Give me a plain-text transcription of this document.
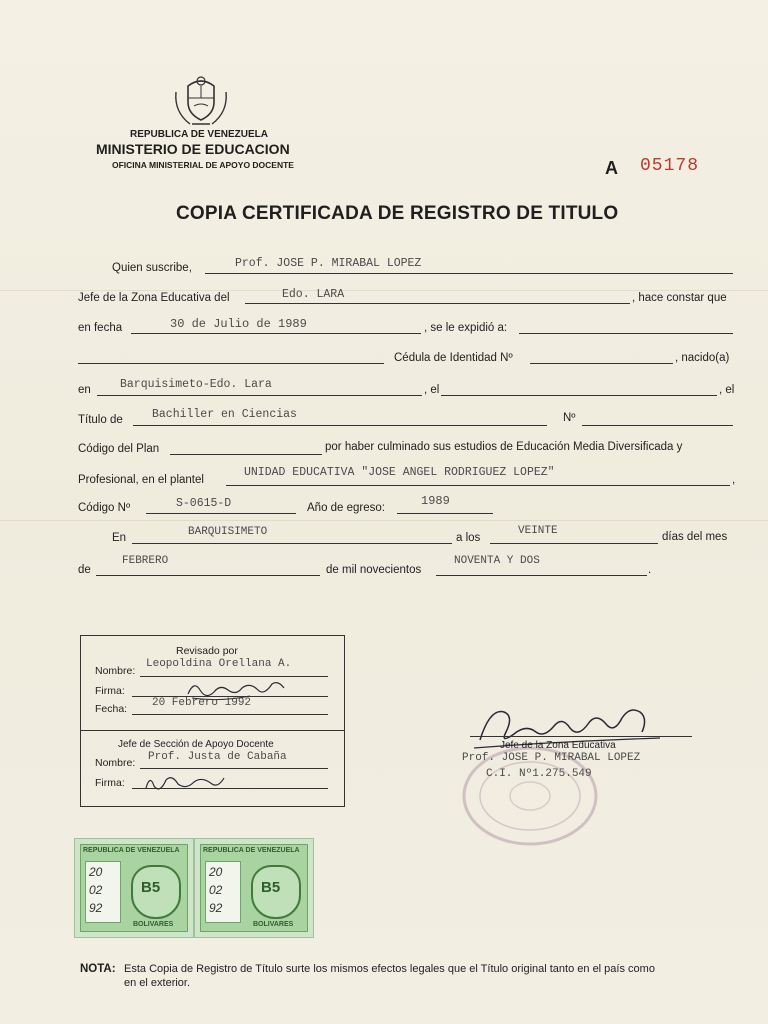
REPUBLICA DE VENEZUELA
MINISTERIO DE EDUCACION
OFICINA MINISTERIAL DE APOYO DOCENTE	A 05178
COPIA CERTIFICADA DE REGISTRO DE TITULO
Quien suscribe,	Prof. JOSE P. MIRABAL LOPEZ
Jefe de la Zona Educativa del	Edo. LARA	, hace constar que
en fecha	30 de Julio de 1989	, se le expidió a:
Cédula de Identidad Nº	, nacido(a)
en	Barquisimeto-Edo. Lara	, el	, el
Título de	Bachiller en Ciencias	Nº
Código del Plan	por haber culminado sus estudios de Educación Media Diversificada y
Profesional, en el plantel
UNIDAD EDUCATIVA "JOSE ANGEL RODRIGUEZ LOPEZ"
,
Código Nº	S-0615-D	Año de egreso:	1989
En	BARQUISIMETO	a los
VEINTE	días del mes
de
FEBRERO
de mil novecientos
NOVENTA Y DOS
.
Revisado por
Nombre:
Leopoldina Orellana A.
Firma:
Fecha: 20 Febrero 1992
Jefe de Sección de Apoyo Docente
Nombre: Prof. Justa de Cabaña
Firma:
Jefe de la Zona Educativa
Prof. JOSE P. MIRABAL LOPEZ
C.I. Nº1.275.549
REPUBLICA DE VENEZUELA
20
02
92
B5
BOLIVARES
REPUBLICA DE VENEZUELA
20
02
92
B5
BOLIVARES
NOTA: Esta Copia de Registro de Título surte los mismos efectos legales que el Título original tanto en el país como
en el exterior.
